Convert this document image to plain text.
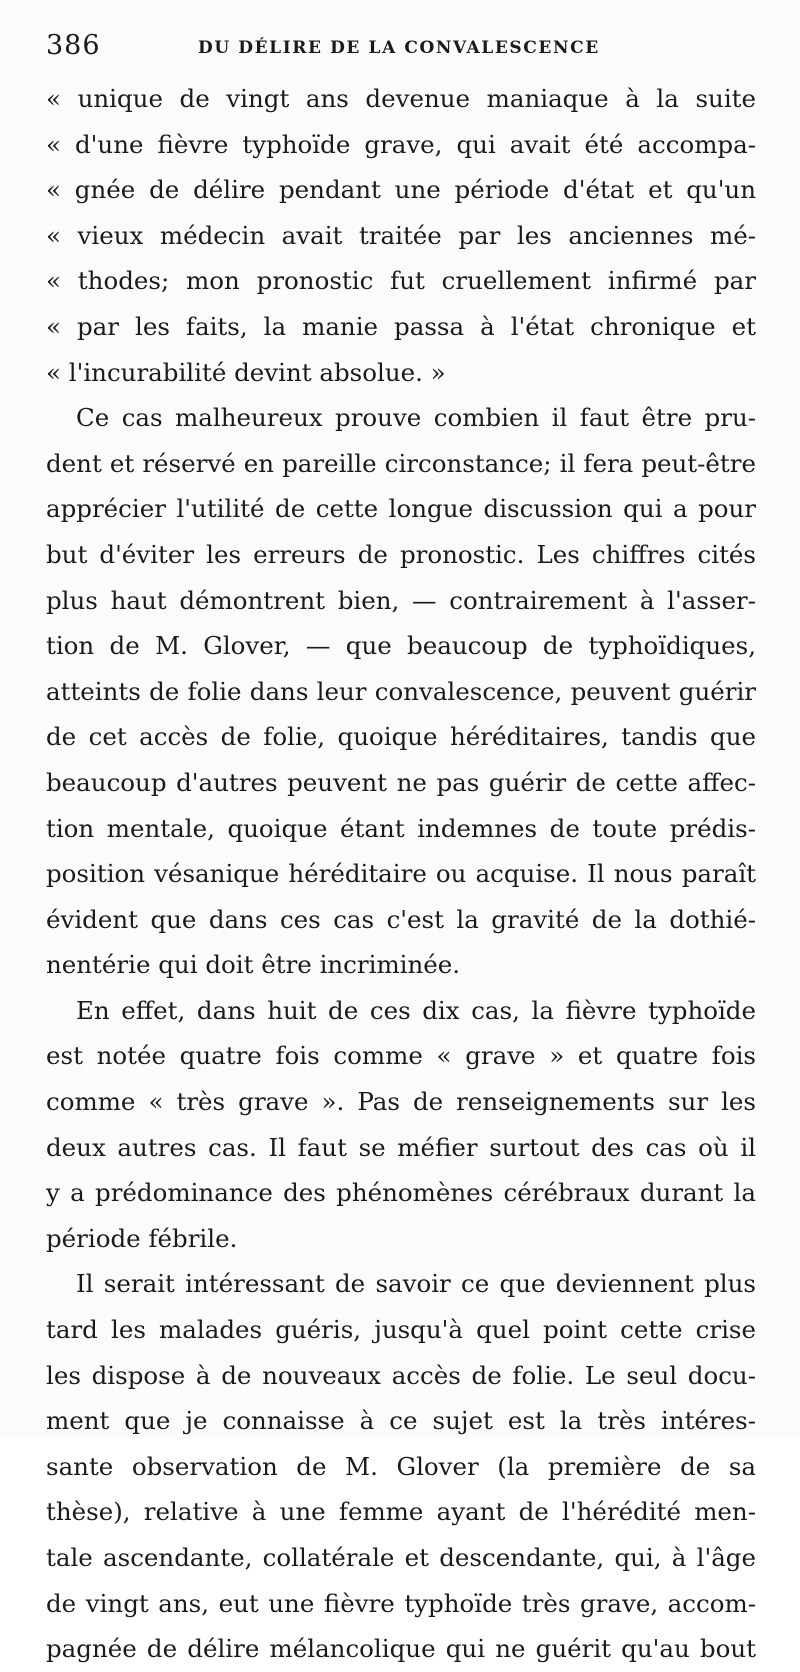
386	DU DÉLIRE DE LA CONVALESCENCE
« unique de vingt ans devenue maniaque à la suite
« d'une fièvre typhoïde grave, qui avait été accompa-
« gnée de délire pendant une période d'état et qu'un
« vieux médecin avait traitée par les anciennes mé-
« thodes; mon pronostic fut cruellement infirmé par
« par les faits, la manie passa à l'état chronique et
« l'incurabilité devint absolue. »
Ce cas malheureux prouve combien il faut être pru-
dent et réservé en pareille circonstance; il fera peut-être
apprécier l'utilité de cette longue discussion qui a pour
but d'éviter les erreurs de pronostic. Les chiffres cités
plus haut démontrent bien, — contrairement à l'asser-
tion de M. Glover, — que beaucoup de typhoïdiques,
atteints de folie dans leur convalescence, peuvent guérir
de cet accès de folie, quoique héréditaires, tandis que
beaucoup d'autres peuvent ne pas guérir de cette affec-
tion mentale, quoique étant indemnes de toute prédis-
position vésanique héréditaire ou acquise. Il nous paraît
évident que dans ces cas c'est la gravité de la dothié-
nentérie qui doit être incriminée.
En effet, dans huit de ces dix cas, la fièvre typhoïde
est notée quatre fois comme « grave » et quatre fois
comme « très grave ». Pas de renseignements sur les
deux autres cas. Il faut se méfier surtout des cas où il
y a prédominance des phénomènes cérébraux durant la
période fébrile.
Il serait intéressant de savoir ce que deviennent plus
tard les malades guéris, jusqu'à quel point cette crise
les dispose à de nouveaux accès de folie. Le seul docu-
ment que je connaisse à ce sujet est la très intéres-
sante observation de M. Glover (la première de sa
thèse), relative à une femme ayant de l'hérédité men-
tale ascendante, collatérale et descendante, qui, à l'âge
de vingt ans, eut une fièvre typhoïde très grave, accom-
pagnée de délire mélancolique qui ne guérit qu'au bout
